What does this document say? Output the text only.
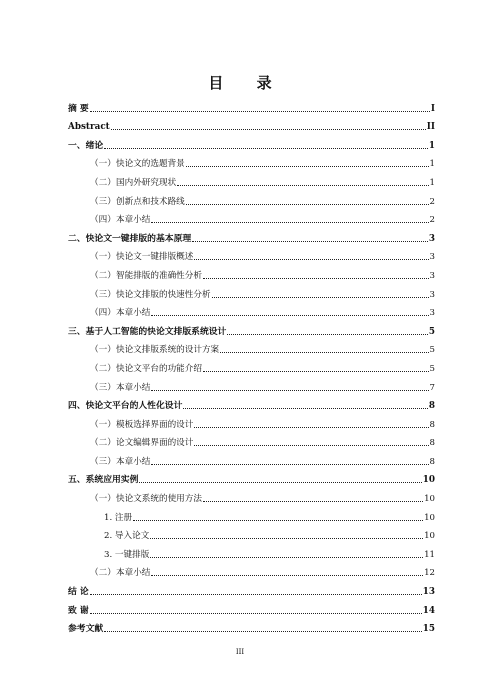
目 录
摘 要	I
Abstract	II
一、绪论	1
（一）快论文的选题背景	1
（二）国内外研究现状	1
（三）创新点和技术路线	2
（四）本章小结	2
二、快论文一键排版的基本原理	3
（一）快论文一键排版概述	3
（二）智能排版的准确性分析	3
（三）快论文排版的快速性分析	3
（四）本章小结	3
三、基于人工智能的快论文排版系统设计	5
（一）快论文排版系统的设计方案	5
（二）快论文平台的功能介绍	5
（三）本章小结	7
四、快论文平台的人性化设计	8
（一）模板选择界面的设计	8
（二）论文编辑界面的设计	8
（三）本章小结	8
五、系统应用实例	10
（一）快论文系统的使用方法	10
1. 注册	10
2. 导入论文	10
3. 一键排版	11
（二）本章小结	12
结 论	13
致 谢	14
参考文献	15
III
